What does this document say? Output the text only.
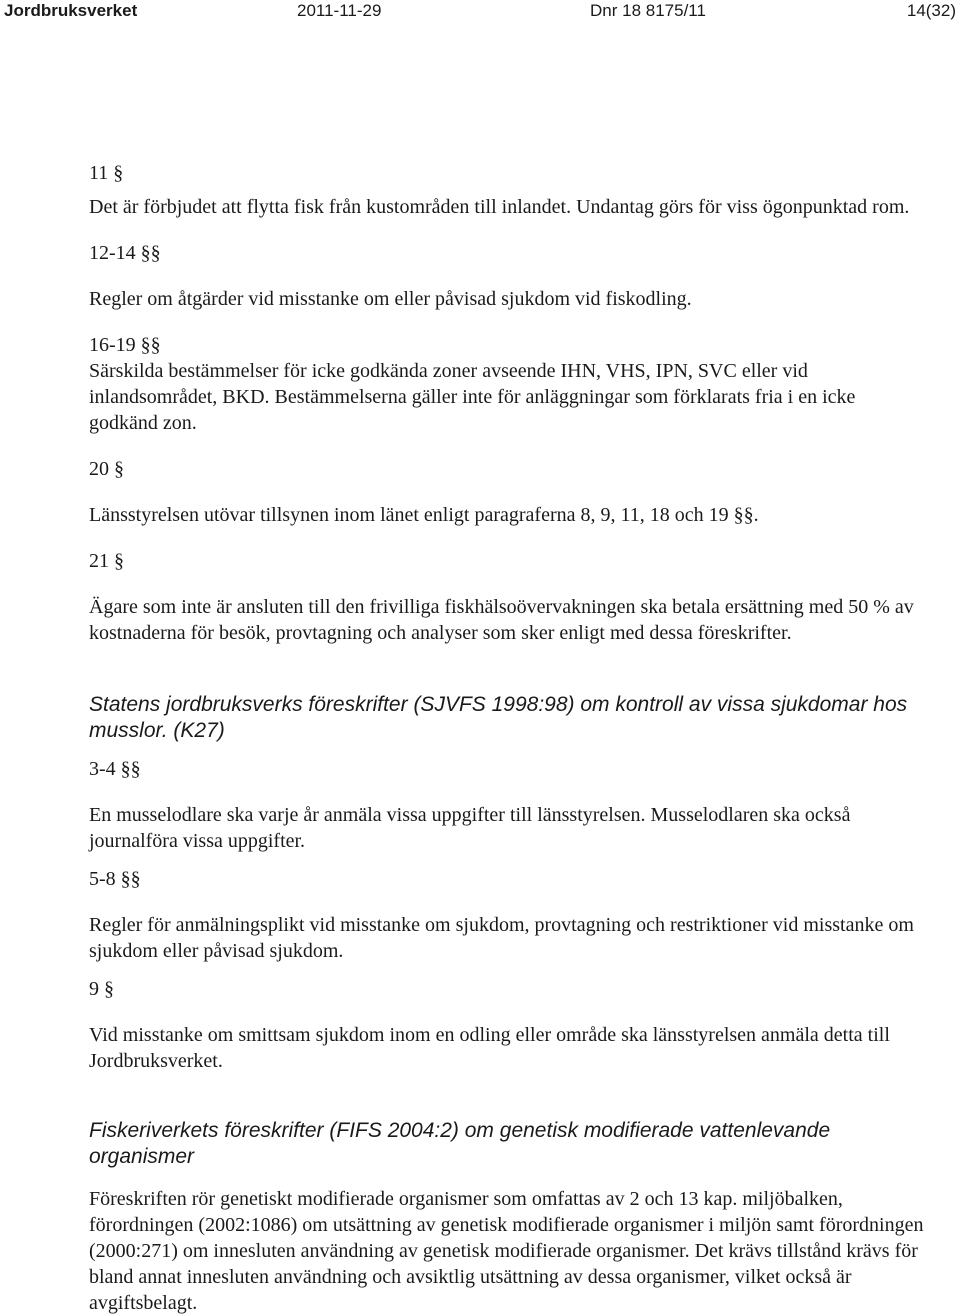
Jordbruksverket	2011-11-29	Dnr 18 8175/11	14(32)

11 §

Det är förbjudet att flytta fisk från kustområden till inlandet. Undantag görs för viss ögonpunktad rom.

12-14 §§

Regler om åtgärder vid misstanke om eller påvisad sjukdom vid fiskodling.

16-19 §§

Särskilda bestämmelser för icke godkända zoner avseende IHN, VHS, IPN, SVC eller vid inlandsområdet, BKD. Bestämmelserna gäller inte för anläggningar som förklarats fria i en icke godkänd zon.

20 §

Länsstyrelsen utövar tillsynen inom länet enligt paragraferna 8, 9, 11, 18 och 19 §§.

21 §

Ägare som inte är ansluten till den frivilliga fiskhälsoövervakningen ska betala ersättning med 50 % av kostnaderna för besök, provtagning och analyser som sker enligt med dessa föreskrifter.

Statens jordbruksverks föreskrifter (SJVFS 1998:98) om kontroll av vissa sjukdomar hos musslor. (K27)

3-4 §§

En musselodlare ska varje år anmäla vissa uppgifter till länsstyrelsen. Musselodlaren ska också journalföra vissa uppgifter.

5-8 §§

Regler för anmälningsplikt vid misstanke om sjukdom, provtagning och restriktioner vid misstanke om sjukdom eller påvisad sjukdom.

9 §

Vid misstanke om smittsam sjukdom inom en odling eller område ska länsstyrelsen anmäla detta till Jordbruksverket.

Fiskeriverkets föreskrifter (FIFS 2004:2) om genetisk modifierade vattenlevande organismer

Föreskriften rör genetiskt modifierade organismer som omfattas av 2 och 13 kap. miljöbalken, förordningen (2002:1086) om utsättning av genetisk modifierade organismer i miljön samt förordningen (2000:271) om innesluten användning av genetisk modifierade organismer. Det krävs tillstånd krävs för bland annat innesluten användning och avsiktlig utsättning av dessa organismer, vilket också är avgiftsbelagt.
